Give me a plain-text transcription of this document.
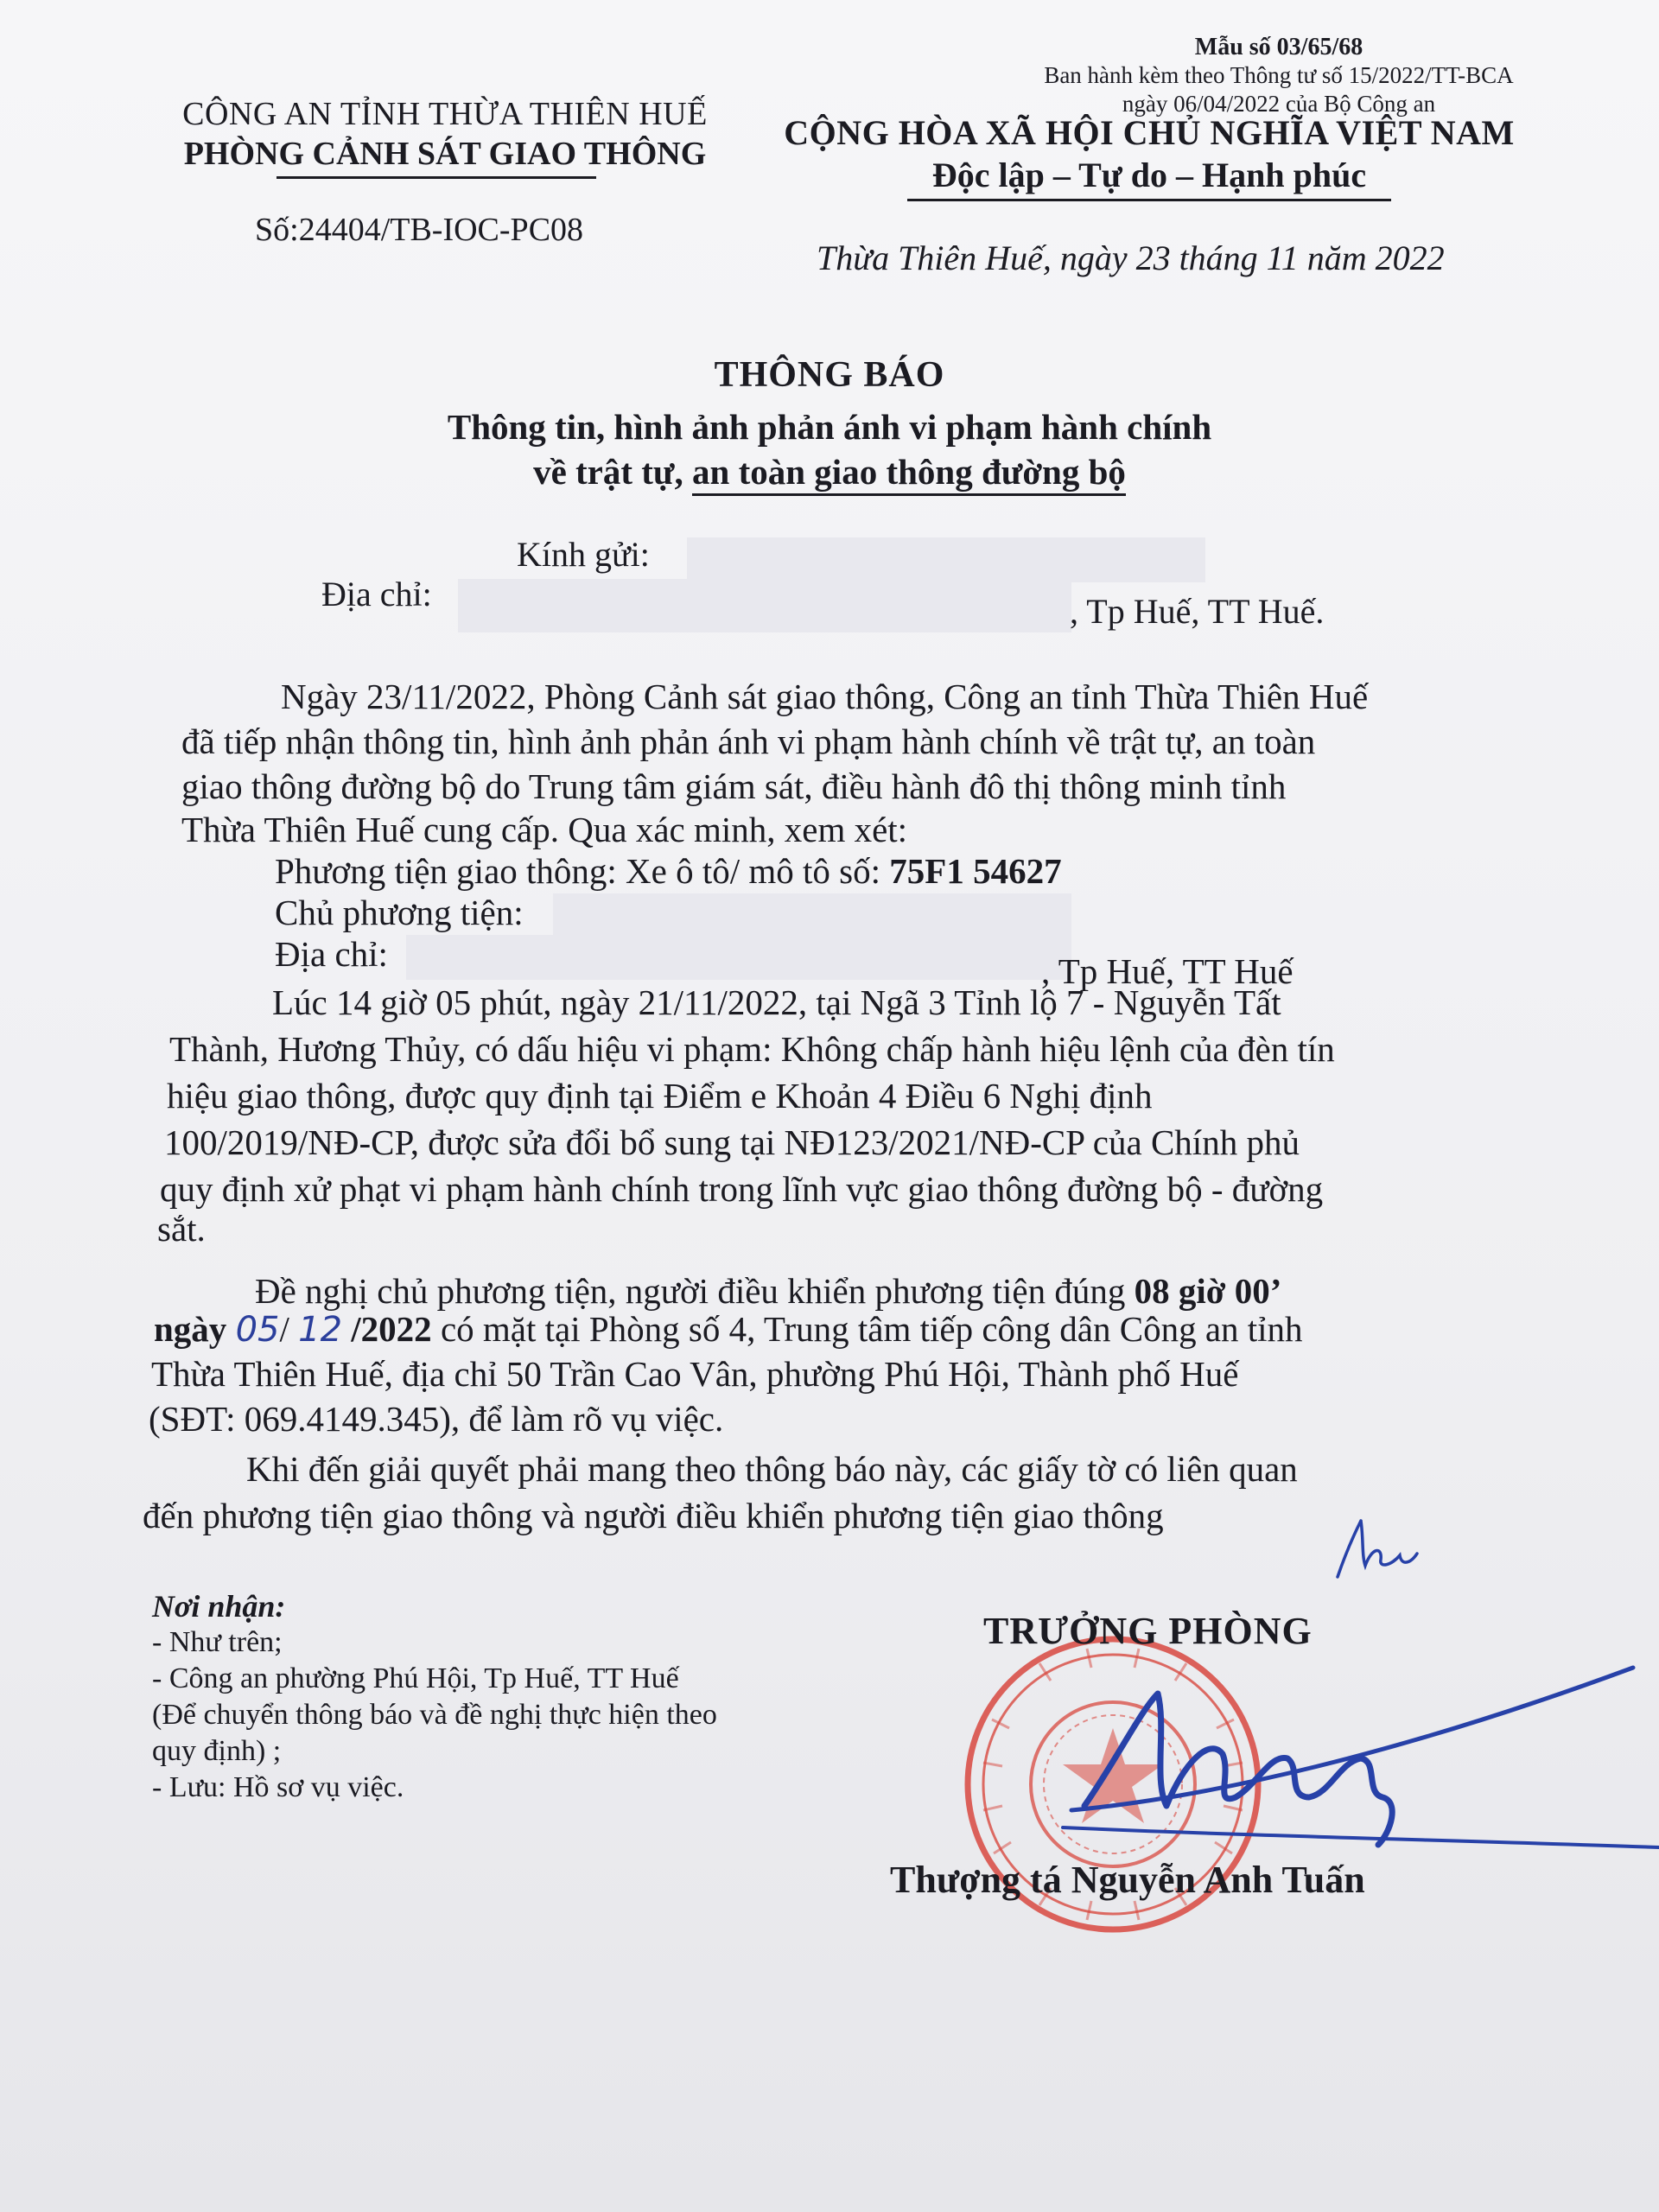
Mẫu số 03/65/68
Ban hành kèm theo Thông tư số 15/2022/TT-BCA
ngày 06/04/2022 của Bộ Công an
CÔNG AN TỈNH THỪA THIÊN HUẾ
PHÒNG CẢNH SÁT GIAO THÔNG
Số:24404/TB-IOC-PC08
CỘNG HÒA XÃ HỘI CHỦ NGHĨA VIỆT NAM
Độc lập – Tự do – Hạnh phúc
Thừa Thiên Huế, ngày 23 tháng 11 năm 2022
THÔNG BÁO
Thông tin, hình ảnh phản ánh vi phạm hành chính
về trật tự, an toàn giao thông đường bộ
Kính gửi:
Địa chỉ:	, Tp Huế, TT Huế.
Ngày 23/11/2022, Phòng Cảnh sát giao thông, Công an tỉnh Thừa Thiên Huế
đã tiếp nhận thông tin, hình ảnh phản ánh vi phạm hành chính về trật tự, an toàn
giao thông đường bộ do Trung tâm giám sát, điều hành đô thị thông minh tỉnh
Thừa Thiên Huế cung cấp. Qua xác minh, xem xét:
Phương tiện giao thông: Xe ô tô/ mô tô số: 75F1 54627
Chủ phương tiện:
Địa chỉ:	, Tp Huế, TT Huế
Lúc 14 giờ 05 phút, ngày 21/11/2022, tại Ngã 3 Tỉnh lộ 7 - Nguyễn Tất
Thành, Hương Thủy, có dấu hiệu vi phạm: Không chấp hành hiệu lệnh của đèn tín
hiệu giao thông, được quy định tại Điểm e Khoản 4 Điều 6 Nghị định
100/2019/NĐ-CP, được sửa đổi bổ sung tại NĐ123/2021/NĐ-CP của Chính phủ
quy định xử phạt vi phạm hành chính trong lĩnh vực giao thông đường bộ - đường
sắt.
Đề nghị chủ phương tiện, người điều khiển phương tiện đúng 08 giờ 00’
ngày 05/ 12 /2022 có mặt tại Phòng số 4, Trung tâm tiếp công dân Công an tỉnh
Thừa Thiên Huế, địa chỉ 50 Trần Cao Vân, phường Phú Hội, Thành phố Huế
(SĐT: 069.4149.345), để làm rõ vụ việc.
Khi đến giải quyết phải mang theo thông báo này, các giấy tờ có liên quan
đến phương tiện giao thông và người điều khiển phương tiện giao thông
Nơi nhận:
- Như trên;
- Công an phường Phú Hội, Tp Huế, TT Huế
(Để chuyển thông báo và đề nghị thực hiện theo
quy định) ;
- Lưu: Hồ sơ vụ việc.
TRƯỞNG PHÒNG
Thượng tá Nguyễn Anh Tuấn
